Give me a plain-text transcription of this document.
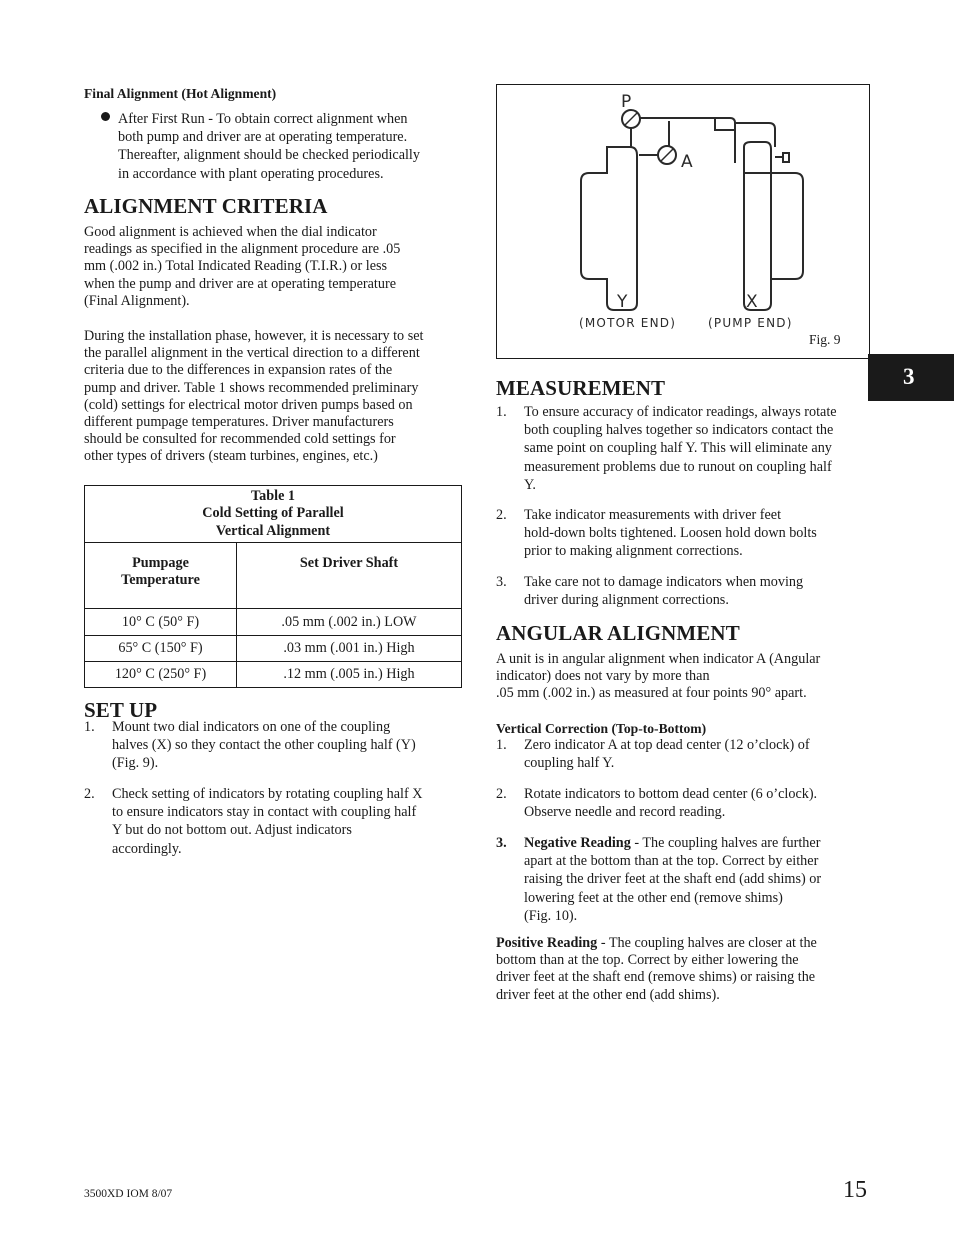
Final Alignment (Hot Alignment)
After First Run - To obtain correct alignment when
both pump and driver are at operating temperature.
Thereafter, alignment should be checked periodically
in accordance with plant operating procedures.
ALIGNMENT CRITERIA
Good alignment is achieved when the dial indicator
readings as specified in the alignment procedure are .05
mm (.002 in.) Total Indicated Reading (T.I.R.) or less
when the pump and driver are at operating temperature
(Final Alignment).
During the installation phase, however, it is necessary to set
the parallel alignment in the vertical direction to a different
criteria due to the differences in expansion rates of the
pump and driver. Table 1 shows recommended preliminary
(cold) settings for electrical motor driven pumps based on
different pumpage temperatures. Driver manufacturers
should be consulted for recommended cold settings for
other types of drivers (steam turbines, engines, etc.)
Table 1
Cold Setting of Parallel
Vertical Alignment	

Pumpage
Temperature	Set Driver Shaft
10° C (50° F)	.05 mm (.002 in.) LOW
65° C (150° F)	.03 mm (.001 in.) High
120° C (250° F)	.12 mm (.005 in.) High
SET UP
1. Mount two dial indicators on one of the coupling
halves (X) so they contact the other coupling half (Y)
(Fig. 9).
2. Check setting of indicators by rotating coupling half X
to ensure indicators stay in contact with coupling half
Y but do not bottom out. Adjust indicators
accordingly.
P
A
Y	X
(MOTOR END)	(PUMP END)
Fig. 9
MEASUREMENT
1. To ensure accuracy of indicator readings, always rotate
both coupling halves together so indicators contact the
same point on coupling half Y. This will eliminate any
measurement problems due to runout on coupling half
Y.
2. Take indicator measurements with driver feet
hold-down bolts tightened. Loosen hold down bolts
prior to making alignment corrections.
3. Take care not to damage indicators when moving
driver during alignment corrections.
ANGULAR ALIGNMENT
A unit is in angular alignment when indicator A (Angular
indicator) does not vary by more than
.05 mm (.002 in.) as measured at four points 90° apart.
Vertical Correction (Top-to-Bottom)
1. Zero indicator A at top dead center (12 o’clock) of
coupling half Y.
2. Rotate indicators to bottom dead center (6 o’clock).
Observe needle and record reading.
3. Negative Reading - The coupling halves are further
apart at the bottom than at the top. Correct by either
raising the driver feet at the shaft end (add shims) or
lowering feet at the other end (remove shims)
(Fig. 10).
Positive Reading - The coupling halves are closer at the
bottom than at the top. Correct by either lowering the
driver feet at the shaft end (remove shims) or raising the
driver feet at the other end (add shims).
3
3500XD IOM 8/07	15
